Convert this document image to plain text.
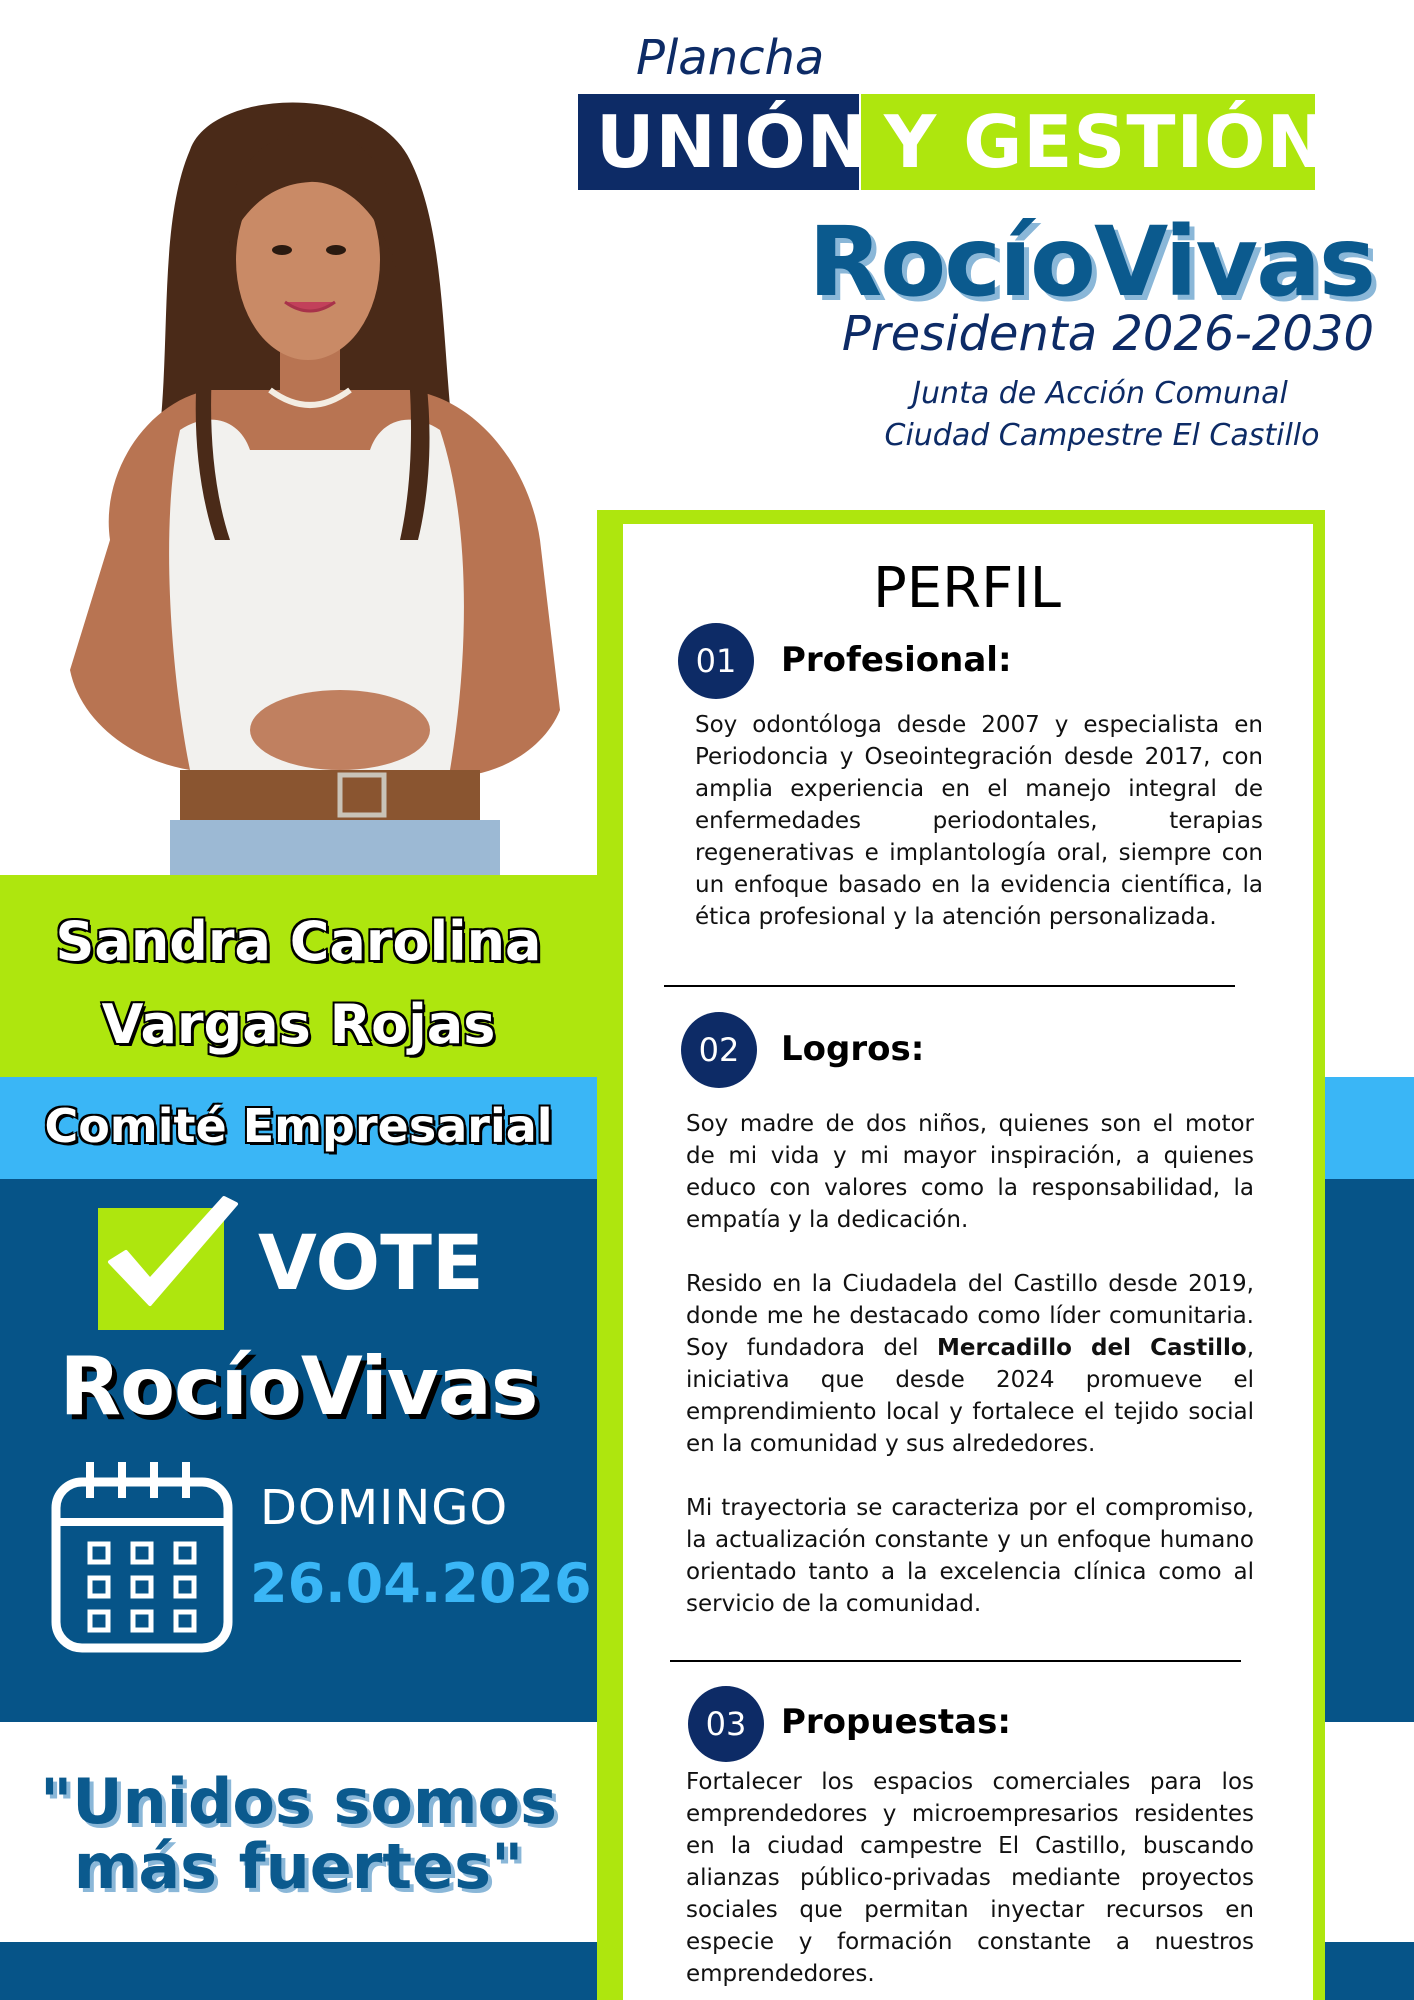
Plancha
UNIÓN Y GESTIÓN
RocíoVivas
Presidenta 2026-2030
Junta de Acción Comunal
Ciudad Campestre El Castillo
Sandra Carolina
Vargas Rojas
Comité Empresarial
VOTE
RocíoVivas
DOMINGO
26.04.2026
"Unidos somos
más fuertes"
PERFIL
01	Profesional:
Soy odontóloga desde 2007 y especialista en Periodoncia y Oseointegración desde 2017, con amplia experiencia en el manejo integral de enfermedades periodontales, terapias regenerativas e implantología oral, siempre con un enfoque basado en la evidencia científica, la ética profesional y la atención personalizada.
02	Logros:
Soy madre de dos niños, quienes son el motor de mi vida y mi mayor inspiración, a quienes educo con valores como la responsabilidad, la empatía y la dedicación.
Resido en la Ciudadela del Castillo desde 2019, donde me he destacado como líder comunitaria. Soy fundadora del Mercadillo del Castillo, iniciativa que desde 2024 promueve el emprendimiento local y fortalece el tejido social en la comunidad y sus alrededores.
Mi trayectoria se caracteriza por el compromiso, la actualización constante y un enfoque humano orientado tanto a la excelencia clínica como al servicio de la comunidad.
03	Propuestas:
Fortalecer los espacios comerciales para los emprendedores y microempresarios residentes en la ciudad campestre El Castillo, buscando alianzas público-privadas mediante proyectos sociales que permitan inyectar recursos en especie y formación constante a nuestros emprendedores.
